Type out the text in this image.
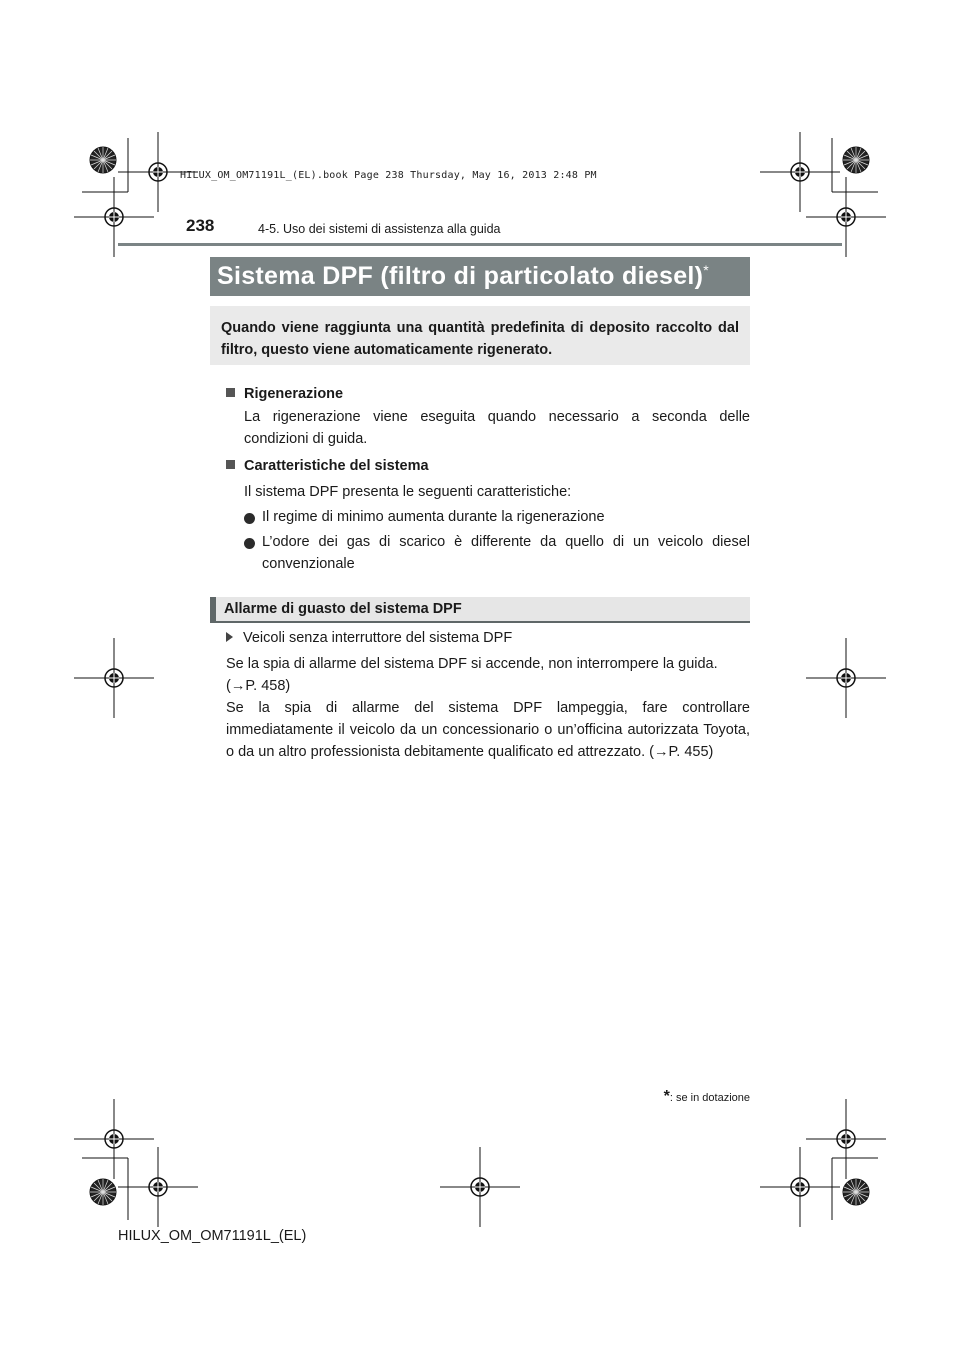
HILUX_OM_OM71191L_(EL).book Page 238 Thursday, May 16, 2013 2:48 PM
238	4-5. Uso dei sistemi di assistenza alla guida
Sistema DPF (filtro di particolato diesel)*
Quando viene raggiunta una quantità predefinita di deposito raccolto dal filtro, questo viene automaticamente rigenerato.
Rigenerazione
La rigenerazione viene eseguita quando necessario a seconda delle condizioni di guida.
Caratteristiche del sistema
Il sistema DPF presenta le seguenti caratteristiche:
Il regime di minimo aumenta durante la rigenerazione
L’odore dei gas di scarico è differente da quello di un veicolo diesel convenzionale
Allarme di guasto del sistema DPF
Veicoli senza interruttore del sistema DPF
Se la spia di allarme del sistema DPF si accende, non interrompere la guida. (→P. 458)
Se la spia di allarme del sistema DPF lampeggia, fare controllare immediatamente il veicolo da un concessionario o un’officina autorizzata Toyota, o da un altro professionista debitamente qualificato ed attrezzato. (→P. 455)
*: se in dotazione
HILUX_OM_OM71191L_(EL)
